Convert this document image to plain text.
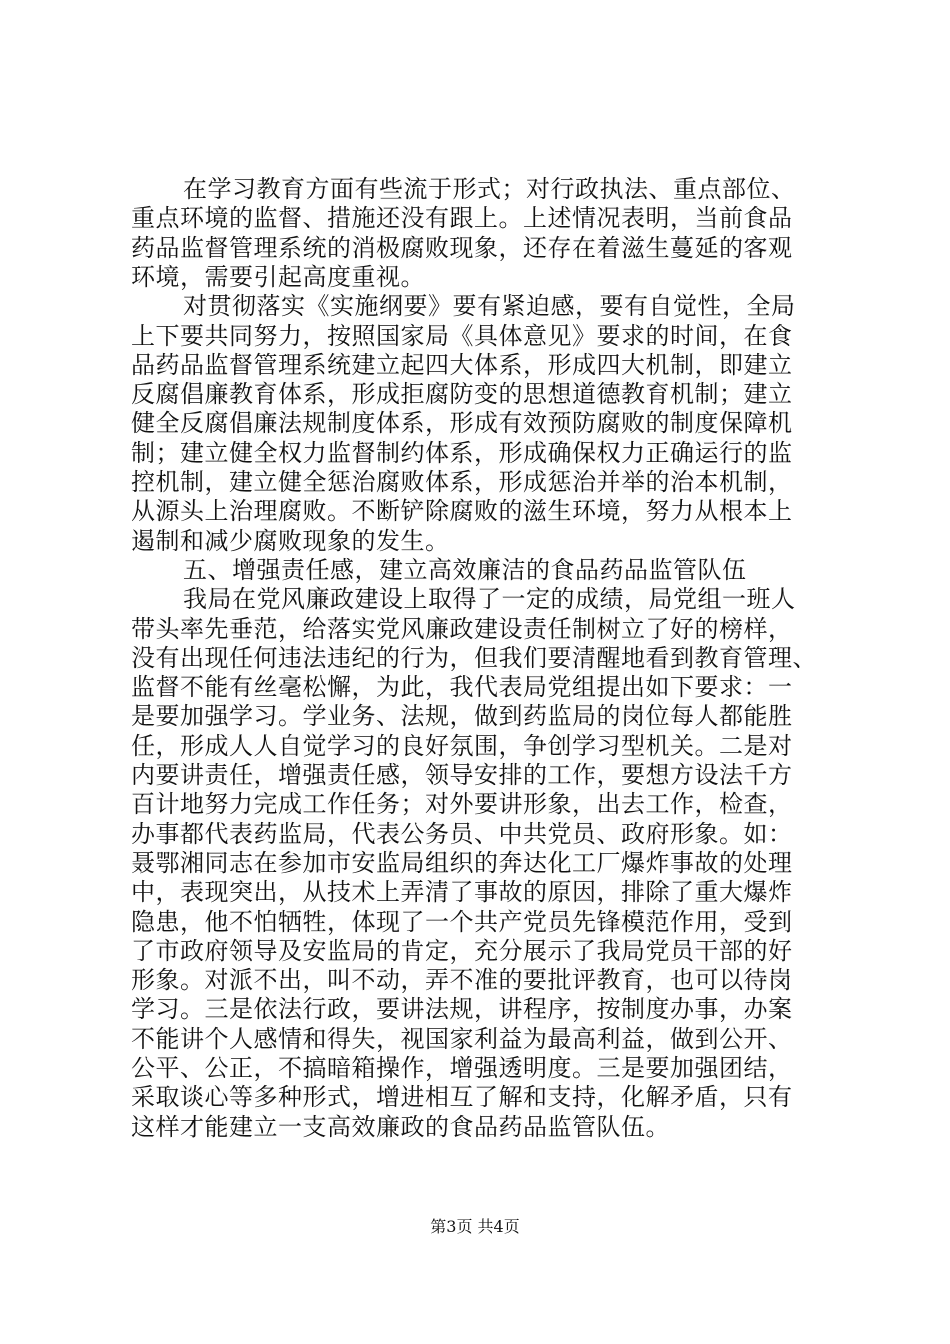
在学习教育方面有些流于形式；对行政执法、重点部位、
重点环境的监督、措施还没有跟上。上述情况表明，当前食品
药品监督管理系统的消极腐败现象，还存在着滋生蔓延的客观
环境，需要引起高度重视。
对贯彻落实《实施纲要》要有紧迫感，要有自觉性，全局
上下要共同努力，按照国家局《具体意见》要求的时间，在食
品药品监督管理系统建立起四大体系，形成四大机制，即建立
反腐倡廉教育体系，形成拒腐防变的思想道德教育机制；建立
健全反腐倡廉法规制度体系，形成有效预防腐败的制度保障机
制；建立健全权力监督制约体系，形成确保权力正确运行的监
控机制，建立健全惩治腐败体系，形成惩治并举的治本机制，
从源头上治理腐败。不断铲除腐败的滋生环境，努力从根本上
遏制和减少腐败现象的发生。
五、增强责任感，建立高效廉洁的食品药品监管队伍
我局在党风廉政建设上取得了一定的成绩，局党组一班人
带头率先垂范，给落实党风廉政建设责任制树立了好的榜样，
没有出现任何违法违纪的行为，但我们要清醒地看到教育管理、
监督不能有丝毫松懈，为此，我代表局党组提出如下要求：一
是要加强学习。学业务、法规，做到药监局的岗位每人都能胜
任，形成人人自觉学习的良好氛围，争创学习型机关。二是对
内要讲责任，增强责任感，领导安排的工作，要想方设法千方
百计地努力完成工作任务；对外要讲形象，出去工作，检查，
办事都代表药监局，代表公务员、中共党员、政府形象。如：
聂鄂湘同志在参加市安监局组织的奔达化工厂爆炸事故的处理
中，表现突出，从技术上弄清了事故的原因，排除了重大爆炸
隐患，他不怕牺牲，体现了一个共产党员先锋模范作用，受到
了市政府领导及安监局的肯定，充分展示了我局党员干部的好
形象。对派不出，叫不动，弄不准的要批评教育，也可以待岗
学习。三是依法行政，要讲法规，讲程序，按制度办事，办案
不能讲个人感情和得失，视国家利益为最高利益，做到公开、
公平、公正，不搞暗箱操作，增强透明度。三是要加强团结，
采取谈心等多种形式，增进相互了解和支持，化解矛盾，只有
这样才能建立一支高效廉政的食品药品监管队伍。
第3页 共4页
